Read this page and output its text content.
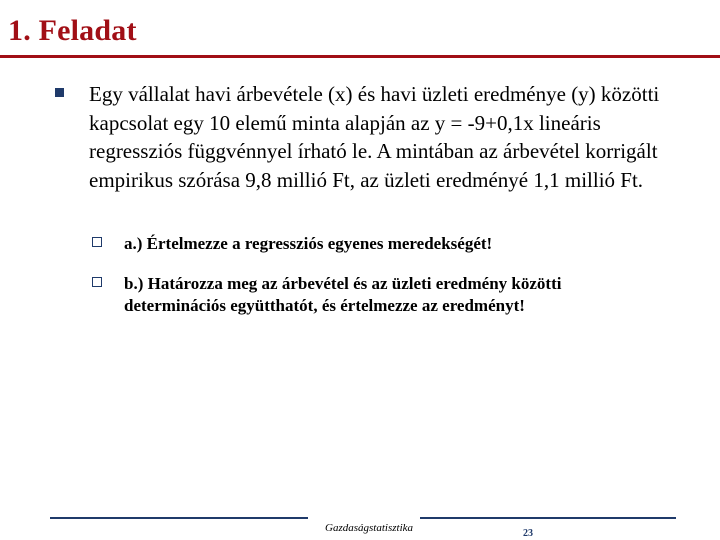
1. Feladat
Egy vállalat havi árbevétele (x) és havi üzleti eredménye (y) közötti kapcsolat egy 10 elemű minta alapján az y = -9+0,1x lineáris regressziós függvénnyel írható le. A mintában az árbevétel korrigált empirikus szórása 9,8 millió Ft, az üzleti eredményé 1,1 millió Ft.
a.) Értelmezze a regressziós egyenes meredekségét!
b.) Határozza meg az árbevétel és az üzleti eredmény közötti determinációs együtthatót, és értelmezze az eredményt!
Gazdaságstatisztika	23
